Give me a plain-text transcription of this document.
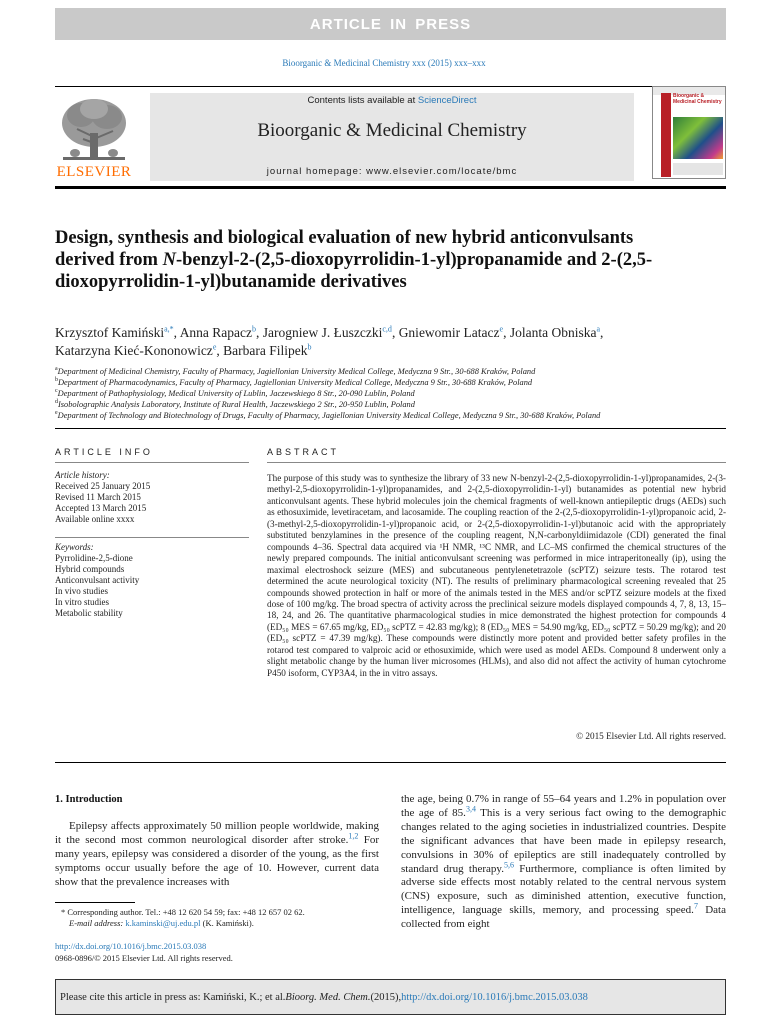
ARTICLE IN PRESS
Bioorganic & Medicinal Chemistry xxx (2015) xxx–xxx
ELSEVIER
Contents lists available at ScienceDirect
Bioorganic & Medicinal Chemistry
journal homepage: www.elsevier.com/locate/bmc
Bioorganic & Medicinal Chemistry
Design, synthesis and biological evaluation of new hybrid anticonvulsants derived from N-benzyl-2-(2,5-dioxopyrrolidin-1-yl)propanamide and 2-(2,5-dioxopyrrolidin-1-yl)butanamide derivatives
Krzysztof Kamiński$^{a,*}$, Anna Rapacz$^b$, Jarogniew J. Łuszczki$^{c,d}$, Gniewomir Latacz$^e$, Jolanta Obniska$^a$,
Katarzyna Kieć-Kononowicz$^e$, Barbara Filipek$^b$
$^a$Department of Medicinal Chemistry, Faculty of Pharmacy, Jagiellonian University Medical College, Medyczna 9 Str., 30-688 Kraków, Poland
$^b$Department of Pharmacodynamics, Faculty of Pharmacy, Jagiellonian University Medical College, Medyczna 9 Str., 30-688 Kraków, Poland
$^c$Department of Pathophysiology, Medical University of Lublin, Jaczewskiego 8 Str., 20-090 Lublin, Poland
$^d$Isobolographic Analysis Laboratory, Institute of Rural Health, Jaczewskiego 2 Str., 20-950 Lublin, Poland
$^e$Department of Technology and Biotechnology of Drugs, Faculty of Pharmacy, Jagiellonian University Medical College, Medyczna 9 Str., 30-688 Kraków, Poland
ARTICLE INFO	ABSTRACT
Article history:
Received 25 January 2015
Revised 11 March 2015
Accepted 13 March 2015
Available online xxxx
Keywords:
Pyrrolidine-2,5-dione
Hybrid compounds
Anticonvulsant activity
In vivo studies
In vitro studies
Metabolic stability
The purpose of this study was to synthesize the library of 33 new N-benzyl-2-(2,5-dioxopyrrolidin-1-yl)propanamides, 2-(3-methyl-2,5-dioxopyrrolidin-1-yl)propanamides, and 2-(2,5-dioxopyrrolidin-1-yl) butanamides as potential new hybrid anticonvulsant agents. These hybrid molecules join the chemical fragments of well-known antiepileptic drugs (AEDs) such as ethosuximide, levetiracetam, and lacosamide. The coupling reaction of the 2-(2,5-dioxopyrrolidin-1-yl)propanoic acid, 2-(3-methyl-2,5-dioxopyrrolidin-1-yl)propanoic acid, or 2-(2,5-dioxopyrrolidin-1-yl)butanoic acid with the appropriately substituted benzylamines in the presence of the coupling reagent, N,N-carbonyldiimidazole (CDI) generated the final compounds 4–36. Spectral data acquired via ¹H NMR, ¹³C NMR, and LC–MS confirmed the chemical structures of the newly prepared compounds. The initial anticonvulsant screening was performed in mice intraperitoneally (ip), using the maximal electroshock seizure (MES) and subcutaneous pentylenetetrazole (scPTZ) seizure tests. The rotarod test determined the acute neurological toxicity (NT). The results of preliminary pharmacological screening revealed that 25 compounds showed protection in half or more of the animals tested in the MES and/or scPTZ seizure models at the fixed dose of 100 mg/kg. The broad spectra of activity across the preclinical seizure models displayed compounds 4, 7, 8, 13, 15–18, 24, and 26. The quantitative pharmacological studies in mice demonstrated the highest protection for compounds 4 (ED₅₀ MES = 67.65 mg/kg, ED₅₀ scPTZ = 42.83 mg/kg); 8 (ED₅₀ MES = 54.90 mg/kg, ED₅₀ scPTZ = 50.29 mg/kg); and 20 (ED₅₀ scPTZ = 47.39 mg/kg). These compounds were distinctly more potent and provided better safety profiles in the rotarod test compared to valproic acid or ethosuximide, which were used as model AEDs. Compound 8 underwent only a slight metabolic change by the human liver microsomes (HLMs), and also did not affect the activity of human cytochrome P450 isoform, CYP3A4, in the in vitro assays.
© 2015 Elsevier Ltd. All rights reserved.
1. Introduction
Epilepsy affects approximately 50 million people worldwide, making it the second most common neurological disorder after stroke.$^{1,2}$ For many years, epilepsy was considered a disorder of the young, as the first symptoms occur usually before the age of 10. However, current data show that the prevalence increases with
the age, being 0.7% in range of 55–64 years and 1.2% in population over the age of 85.$^{3,4}$ This is a very serious fact owing to the demographic changes related to the aging societies in industrialized countries. Despite the significant advances that have been made in epilepsy research, convulsions in 30% of epileptics are still inadequately controlled by standard drug therapy.$^{5,6}$ Furthermore, compliance is often limited by adverse side effects most notably related to the central nervous system (CNS) exposure, such as diminished attention, executive function, intelligence, language skills, memory, and processing speed.$^7$ Data collected from eight
* Corresponding author. Tel.: +48 12 620 54 59; fax: +48 12 657 02 62.
E-mail address: k.kaminski@uj.edu.pl (K. Kamiński).
http://dx.doi.org/10.1016/j.bmc.2015.03.038
0968-0896/© 2015 Elsevier Ltd. All rights reserved.
Please cite this article in press as: Kamiński, K.; et al. Bioorg. Med. Chem. (2015), http://dx.doi.org/10.1016/j.bmc.2015.03.038
